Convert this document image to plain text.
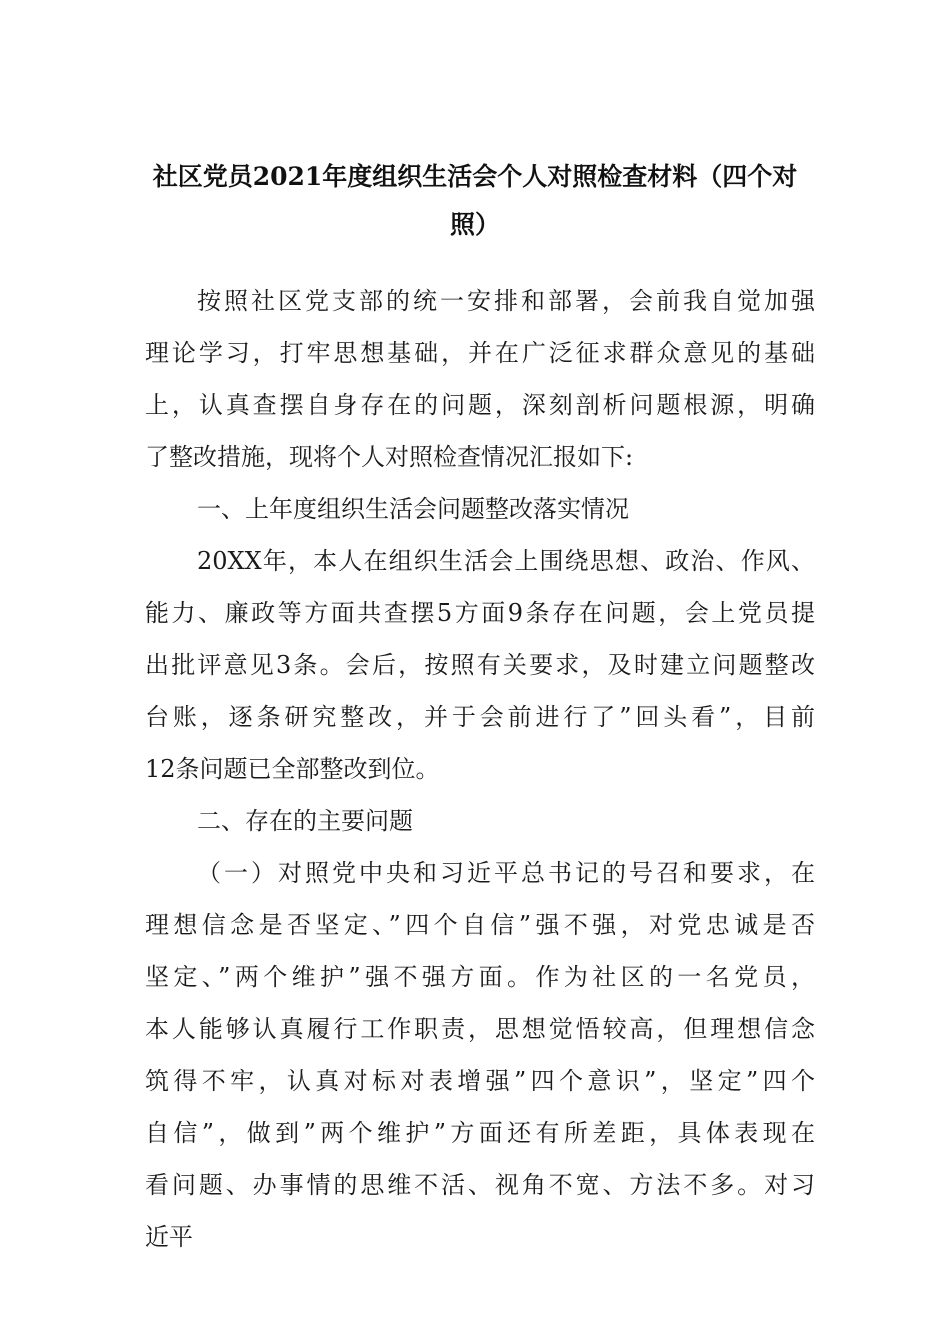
社区党员2021年度组织生活会个人对照检查材料（四个对
照）
按照社区党支部的统一安排和部署，会前我自觉加强
理论学习，打牢思想基础，并在广泛征求群众意见的基础
上，认真查摆自身存在的问题，深刻剖析问题根源，明确
了整改措施，现将个人对照检查情况汇报如下:
一、上年度组织生活会问题整改落实情况
20XX年，本人在组织生活会上围绕思想、政治、作风、
能力、廉政等方面共查摆5方面9条存在问题，会上党员提
出批评意见3条。会后，按照有关要求，及时建立问题整改
台账，逐条研究整改，并于会前进行了”回头看”，目前
12条问题已全部整改到位。
二、存在的主要问题
（一）对照党中央和习近平总书记的号召和要求，在
理想信念是否坚定、”四个自信”强不强，对党忠诚是否
坚定、”两个维护”强不强方面。作为社区的一名党员，
本人能够认真履行工作职责，思想觉悟较高，但理想信念
筑得不牢，认真对标对表增强”四个意识”，坚定”四个
自信”，做到”两个维护”方面还有所差距，具体表现在
看问题、办事情的思维不活、视角不宽、方法不多。对习
近平
